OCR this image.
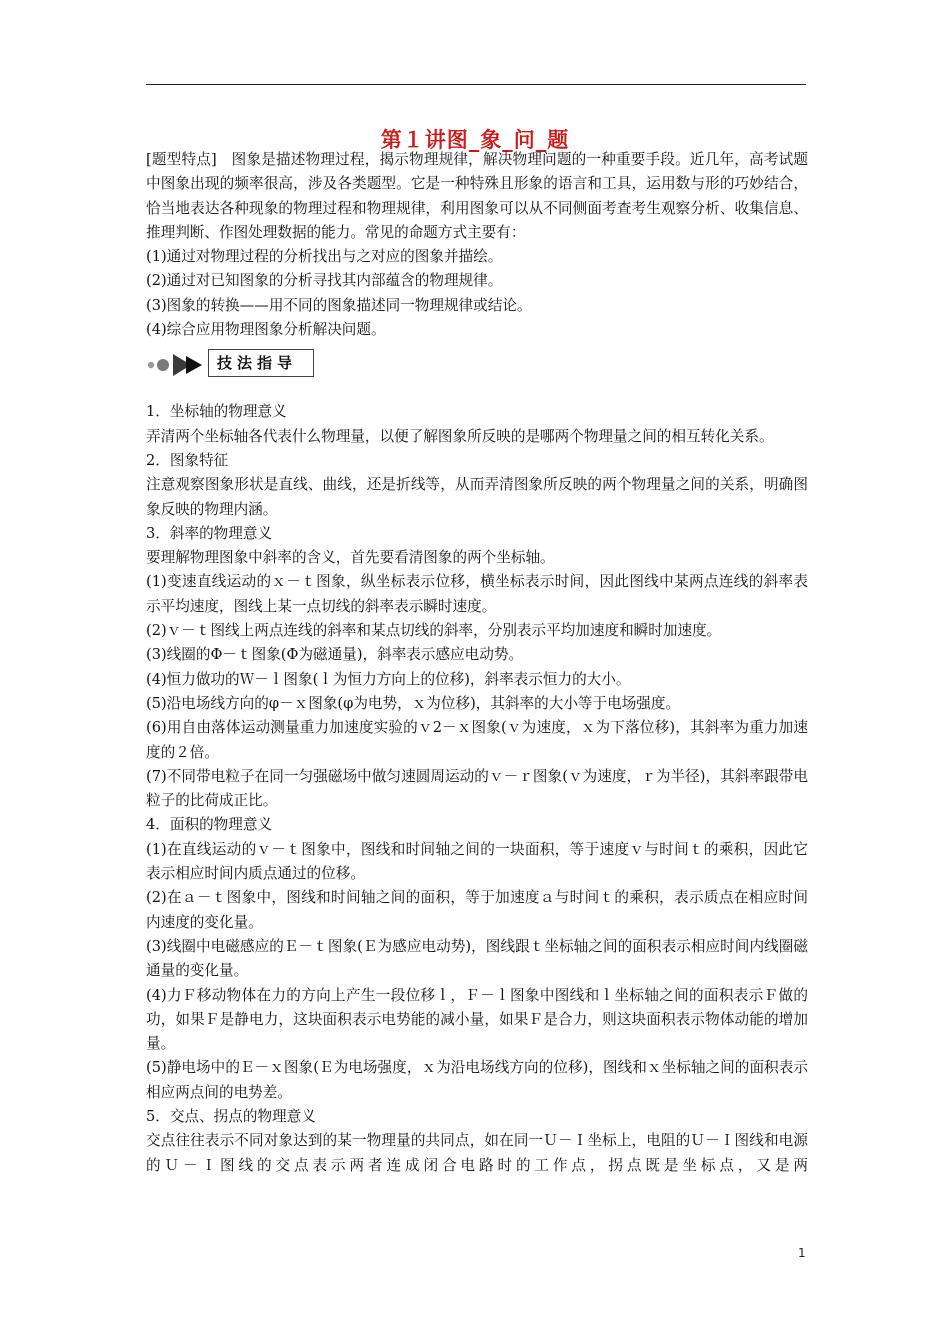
第１讲图_象_问_题

[题型特点]　图象是描述物理过程，揭示物理规律，解决物理问题的一种重要手段。近几年，高考试题中图象出现的频率很高，涉及各类题型。它是一种特殊且形象的语言和工具，运用数与形的巧妙结合，恰当地表达各种现象的物理过程和物理规律，利用图象可以从不同侧面考查考生观察分析、收集信息、推理判断、作图处理数据的能力。常见的命题方式主要有：

(1)通过对物理过程的分析找出与之对应的图象并描绘。

(2)通过对已知图象的分析寻找其内部蕴含的物理规律。

(3)图象的转换——用不同的图象描述同一物理规律或结论。

(4)综合应用物理图象分析解决问题。

技法指导

1．坐标轴的物理意义

弄清两个坐标轴各代表什么物理量，以便了解图象所反映的是哪两个物理量之间的相互转化关系。

2．图象特征

注意观察图象形状是直线、曲线，还是折线等，从而弄清图象所反映的两个物理量之间的关系，明确图象反映的物理内涵。

3．斜率的物理意义

要理解物理图象中斜率的含义，首先要看清图象的两个坐标轴。

(1)变速直线运动的ｘ－ｔ图象，纵坐标表示位移，横坐标表示时间，因此图线中某两点连线的斜率表示平均速度，图线上某一点切线的斜率表示瞬时速度。

(2)ｖ－ｔ图线上两点连线的斜率和某点切线的斜率，分别表示平均加速度和瞬时加速度。

(3)线圈的Φ－ｔ图象(Φ为磁通量)，斜率表示感应电动势。

(4)恒力做功的Ｗ－ｌ图象(ｌ为恒力方向上的位移)，斜率表示恒力的大小。

(5)沿电场线方向的φ－ｘ图象(φ为电势，ｘ为位移)，其斜率的大小等于电场强度。

(6)用自由落体运动测量重力加速度实验的ｖ2－ｘ图象(ｖ为速度，ｘ为下落位移)，其斜率为重力加速度的２倍。

(7)不同带电粒子在同一匀强磁场中做匀速圆周运动的ｖ－ｒ图象(ｖ为速度，ｒ为半径)，其斜率跟带电粒子的比荷成正比。

4．面积的物理意义

(1)在直线运动的ｖ－ｔ图象中，图线和时间轴之间的一块面积，等于速度ｖ与时间ｔ的乘积，因此它表示相应时间内质点通过的位移。

(2)在ａ－ｔ图象中，图线和时间轴之间的面积，等于加速度ａ与时间ｔ的乘积，表示质点在相应时间内速度的变化量。

(3)线圈中电磁感应的Ｅ－ｔ图象(Ｅ为感应电动势)，图线跟ｔ坐标轴之间的面积表示相应时间内线圈磁通量的变化量。

(4)力Ｆ移动物体在力的方向上产生一段位移ｌ，Ｆ－ｌ图象中图线和ｌ坐标轴之间的面积表示Ｆ做的功，如果Ｆ是静电力，这块面积表示电势能的减小量，如果Ｆ是合力，则这块面积表示物体动能的增加量。

(5)静电场中的Ｅ－ｘ图象(Ｅ为电场强度，ｘ为沿电场线方向的位移)，图线和ｘ坐标轴之间的面积表示相应两点间的电势差。

5．交点、拐点的物理意义

交点往往表示不同对象达到的某一物理量的共同点，如在同一Ｕ－Ｉ坐标上，电阻的Ｕ－Ｉ图线和电源的Ｕ－Ｉ图线的交点表示两者连成闭合电路时的工作点，拐点既是坐标点，又是两

1
